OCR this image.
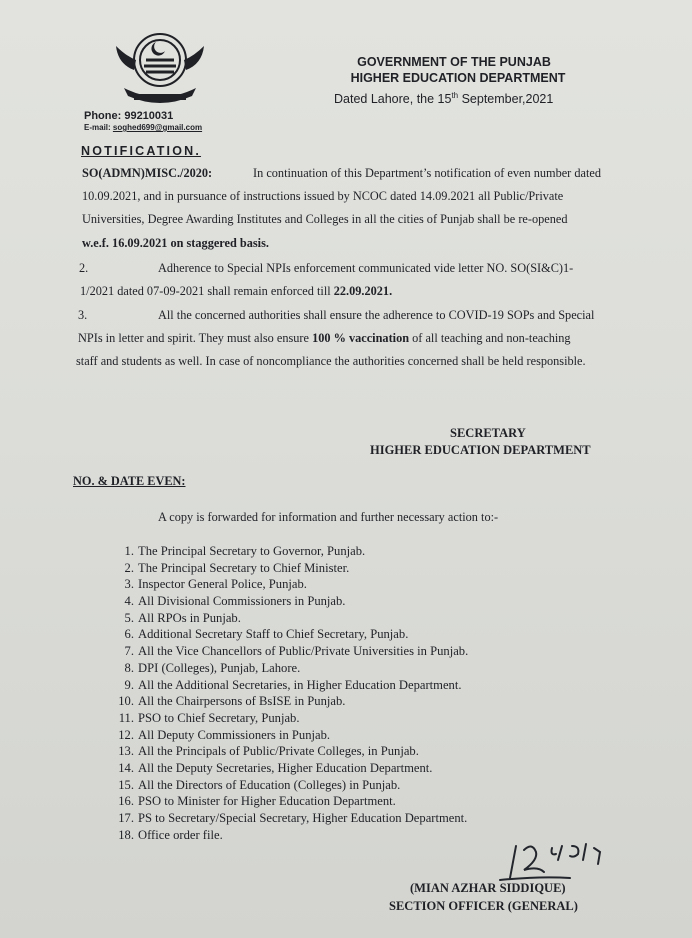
GOVERNMENT OF THE PUNJAB
HIGHER EDUCATION DEPARTMENT
Dated Lahore, the 15th September,2021
Phone: 99210031
E-mail: soghed699@gmail.com
NOTIFICATION.
SO(ADMN)MISC./2020:	In continuation of this Department’s notification of even number dated
10.09.2021, and in pursuance of instructions issued by NCOC dated 14.09.2021 all Public/Private
Universities, Degree Awarding Institutes and Colleges in all the cities of Punjab shall be re-opened
w.e.f. 16.09.2021 on staggered basis.
2.	Adherence to Special NPIs enforcement communicated vide letter NO. SO(SI&C)1-
1/2021 dated 07-09-2021 shall remain enforced till 22.09.2021.
3.	All the concerned authorities shall ensure the adherence to COVID-19 SOPs and Special
NPIs in letter and spirit. They must also ensure 100 % vaccination of all teaching and non-teaching
staff and students as well. In case of noncompliance the authorities concerned shall be held responsible.
SECRETARY
HIGHER EDUCATION DEPARTMENT
NO. & DATE EVEN:
A copy is forwarded for information and further necessary action to:-
1. The Principal Secretary to Governor, Punjab.
2. The Principal Secretary to Chief Minister.
3. Inspector General Police, Punjab.
4. All Divisional Commissioners in Punjab.
5. All RPOs in Punjab.
6. Additional Secretary Staff to Chief Secretary, Punjab.
7. All the Vice Chancellors of Public/Private Universities in Punjab.
8. DPI (Colleges), Punjab, Lahore.
9. All the Additional Secretaries, in Higher Education Department.
10. All the Chairpersons of BsISE in Punjab.
11. PSO to Chief Secretary, Punjab.
12. All Deputy Commissioners in Punjab.
13. All the Principals of Public/Private Colleges, in Punjab.
14. All the Deputy Secretaries, Higher Education Department.
15. All the Directors of Education (Colleges) in Punjab.
16. PSO to Minister for Higher Education Department.
17. PS to Secretary/Special Secretary, Higher Education Department.
18. Office order file.
(MIAN AZHAR SIDDIQUE)
SECTION OFFICER (GENERAL)
